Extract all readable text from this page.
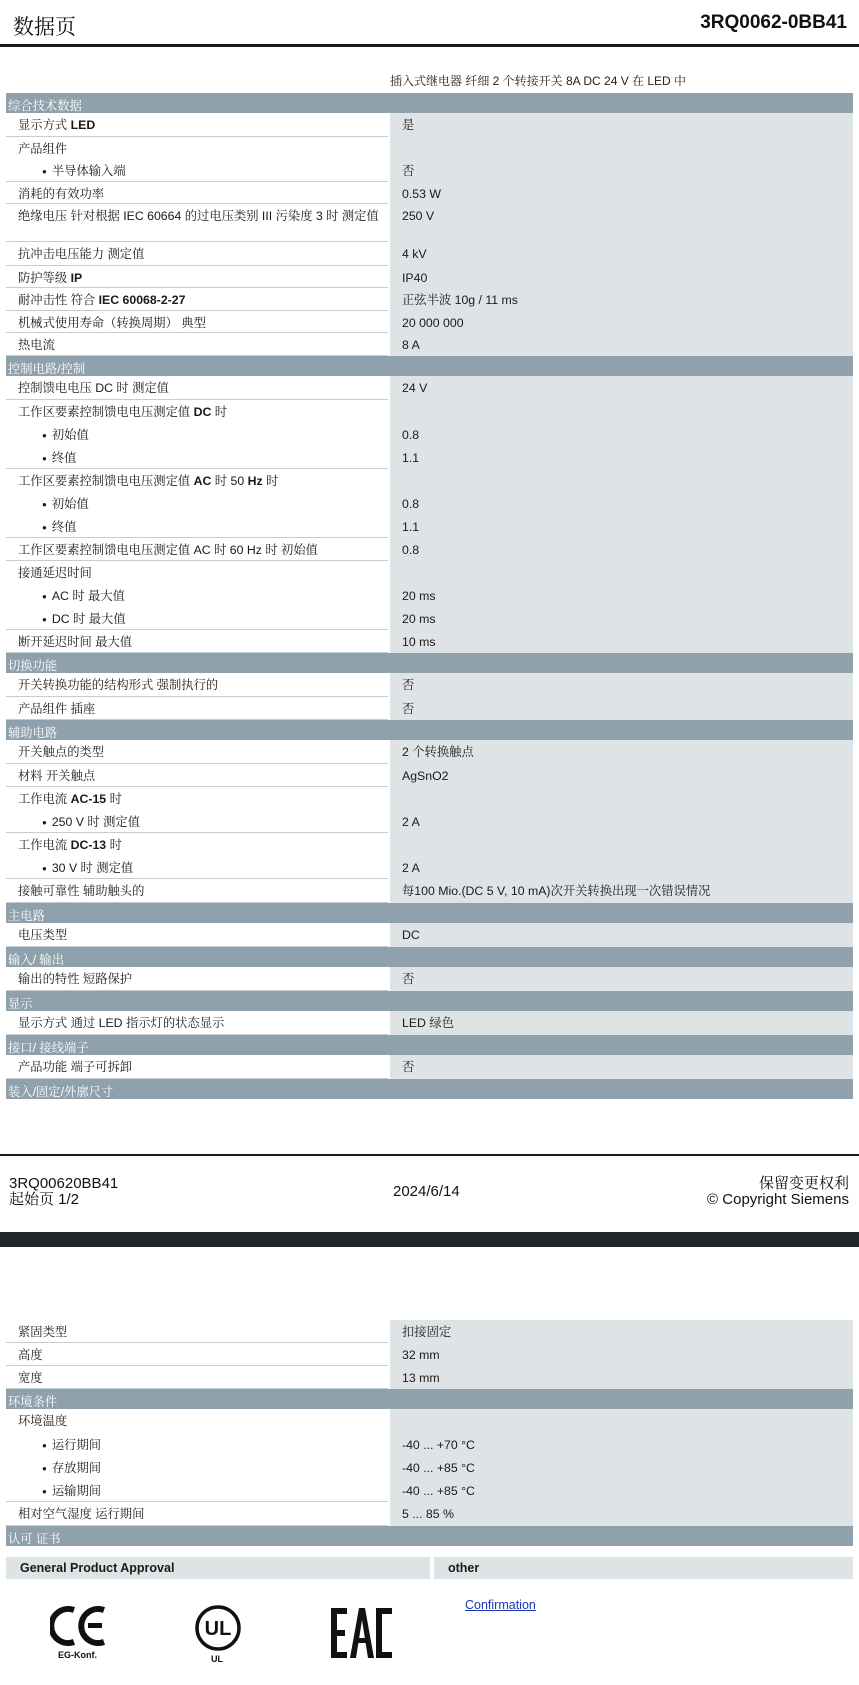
数据页	3RQ0062-0BB41
插入式继电器 纤细 2 个转接开关 8A DC 24 V 在 LED 中
综合技术数据
显示方式 LED	是
产品组件
● 半导体输入端	否
消耗的有效功率	0.53 W
绝缘电压 针对根据 IEC 60664 的过电压类别 III 污染度 3 时 测定值 250 V
抗冲击电压能力 测定值	4 kV
防护等级 IP	IP40
耐冲击性 符合 IEC 60068-2-27	正弦半波 10g / 11 ms
机械式使用寿命（转换周期） 典型	20 000 000
热电流	8 A
控制电路/控制
控制馈电电压 DC 时 测定值	24 V
工作区要素控制馈电电压测定值 DC 时
● 初始值	0.8
● 终值	1.1
工作区要素控制馈电电压测定值 AC 时 50 Hz 时
● 初始值	0.8
● 终值	1.1
工作区要素控制馈电电压测定值 AC 时 60 Hz 时 初始值	0.8
接通延迟时间
● AC 时 最大值	20 ms
● DC 时 最大值	20 ms
断开延迟时间 最大值	10 ms
切换功能
开关转换功能的结构形式 强制执行的	否
产品组件 插座	否
辅助电路
开关触点的类型	2 个转换触点
材料 开关触点	AgSnO2
工作电流 AC-15 时
● 250 V 时 测定值	2 A
工作电流 DC-13 时
● 30 V 时 测定值	2 A
接触可靠性 辅助触头的	每100 Mio.(DC 5 V, 10 mA)次开关转换出现一次错误情况
主电路
电压类型	DC
输入/ 输出
输出的特性 短路保护	否
显示
显示方式 通过 LED 指示灯的状态显示	LED 绿色
接口/ 接线端子
产品功能 端子可拆卸	否
装入/固定/外廓尺寸
3RQ00620BB41
起始页 1/2	2024/6/14	保留变更权利
© Copyright Siemens
紧固类型	扣接固定
高度	32 mm
宽度	13 mm
环境条件
环境温度
● 运行期间	-40 ... +70 °C
● 存放期间	-40 ... +85 °C
● 运输期间	-40 ... +85 °C
相对空气湿度 运行期间	5 ... 85 %
认可 证书
General Product Approval	other
EG-Konf.
UL
UL
Confirmation
